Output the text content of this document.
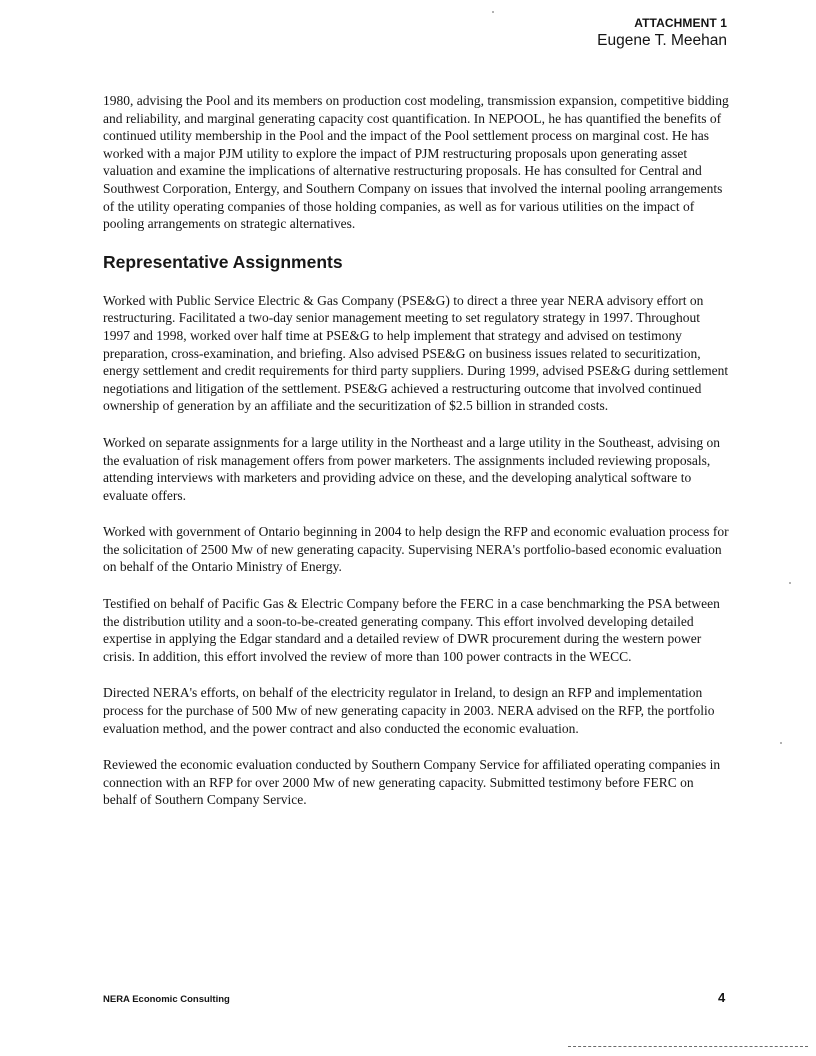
ATTACHMENT 1
Eugene T. Meehan

1980, advising the Pool and its members on production cost modeling, transmission expansion, competitive bidding and reliability, and marginal generating capacity cost quantification. In NEPOOL, he has quantified the benefits of continued utility membership in the Pool and the impact of the Pool settlement process on marginal cost. He has worked with a major PJM utility to explore the impact of PJM restructuring proposals upon generating asset valuation and examine the implications of alternative restructuring proposals. He has consulted for Central and Southwest Corporation, Entergy, and Southern Company on issues that involved the internal pooling arrangements of the utility operating companies of those holding companies, as well as for various utilities on the impact of pooling arrangements on strategic alternatives.

Representative Assignments

Worked with Public Service Electric & Gas Company (PSE&G) to direct a three year NERA advisory effort on restructuring. Facilitated a two-day senior management meeting to set regulatory strategy in 1997. Throughout 1997 and 1998, worked over half time at PSE&G to help implement that strategy and advised on testimony preparation, cross-examination, and briefing. Also advised PSE&G on business issues related to securitization, energy settlement and credit requirements for third party suppliers. During 1999, advised PSE&G during settlement negotiations and litigation of the settlement. PSE&G achieved a restructuring outcome that involved continued ownership of generation by an affiliate and the securitization of $2.5 billion in stranded costs.

Worked on separate assignments for a large utility in the Northeast and a large utility in the Southeast, advising on the evaluation of risk management offers from power marketers. The assignments included reviewing proposals, attending interviews with marketers and providing advice on these, and the developing analytical software to evaluate offers.

Worked with government of Ontario beginning in 2004 to help design the RFP and economic evaluation process for the solicitation of 2500 Mw of new generating capacity. Supervising NERA's portfolio-based economic evaluation on behalf of the Ontario Ministry of Energy.

Testified on behalf of Pacific Gas & Electric Company before the FERC in a case benchmarking the PSA between the distribution utility and a soon-to-be-created generating company. This effort involved developing detailed expertise in applying the Edgar standard and a detailed review of DWR procurement during the western power crisis. In addition, this effort involved the review of more than 100 power contracts in the WECC.

Directed NERA's efforts, on behalf of the electricity regulator in Ireland, to design an RFP and implementation process for the purchase of 500 Mw of new generating capacity in 2003. NERA advised on the RFP, the portfolio evaluation method, and the power contract and also conducted the economic evaluation.

Reviewed the economic evaluation conducted by Southern Company Service for affiliated operating companies in connection with an RFP for over 2000 Mw of new generating capacity. Submitted testimony before FERC on behalf of Southern Company Service.

NERA Economic Consulting	4
